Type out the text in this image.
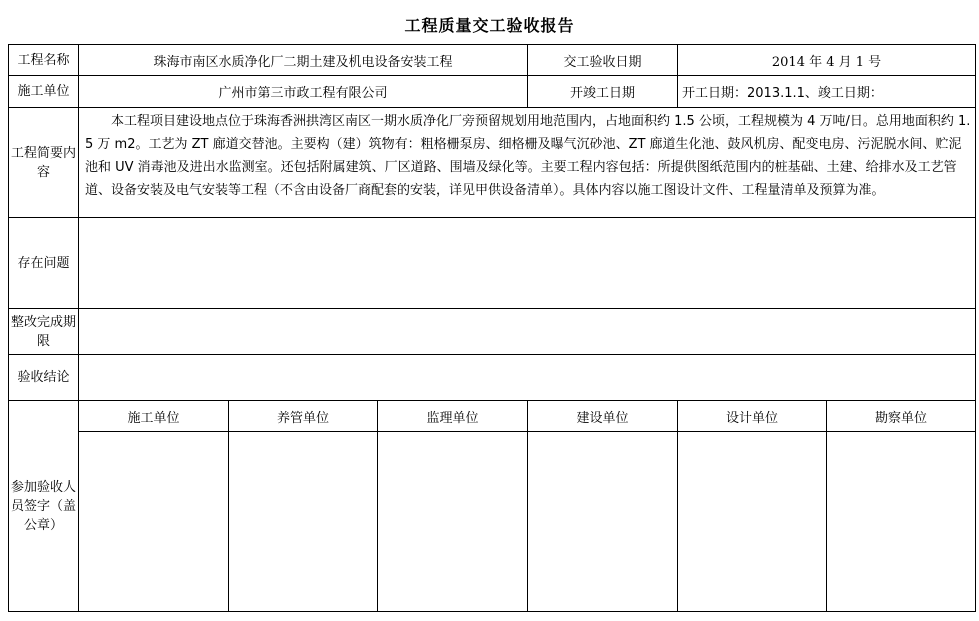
工程质量交工验收报告
工程名称	珠海市南区水质净化厂二期土建及机电设备安装工程			交工验收日期	2014 年 4 月 1 号	
施工单位	广州市第三市政工程有限公司			开竣工日期	开工日期：2013.1.1、竣工日期：	
工程简要内容	本工程项目建设地点位于珠海香洲拱湾区南区一期水质净化厂旁预留规划用地范围内，占地面积约 1.5 公顷，工程规模为 4 万吨/日。总用地面积约 1.5 万 m2。工艺为 ZT 廊道交替池。主要构（建）筑物有：粗格栅泵房、细格栅及曝气沉砂池、ZT 廊道生化池、鼓风机房、配变电房、污泥脱水间、贮泥池和 UV 消毒池及进出水监测室。还包括附属建筑、厂区道路、围墙及绿化等。主要工程内容包括：所提供图纸范围内的桩基础、土建、给排水及工艺管道、设备安装及电气安装等工程（不含由设备厂商配套的安装，详见甲供设备清单）。具体内容以施工图设计文件、工程量清单及预算为准。					
存在问题						
整改完成期限						
验收结论						
参加验收人员签字（盖公章）	施工单位	养管单位	监理单位	建设单位	设计单位	勘察单位
